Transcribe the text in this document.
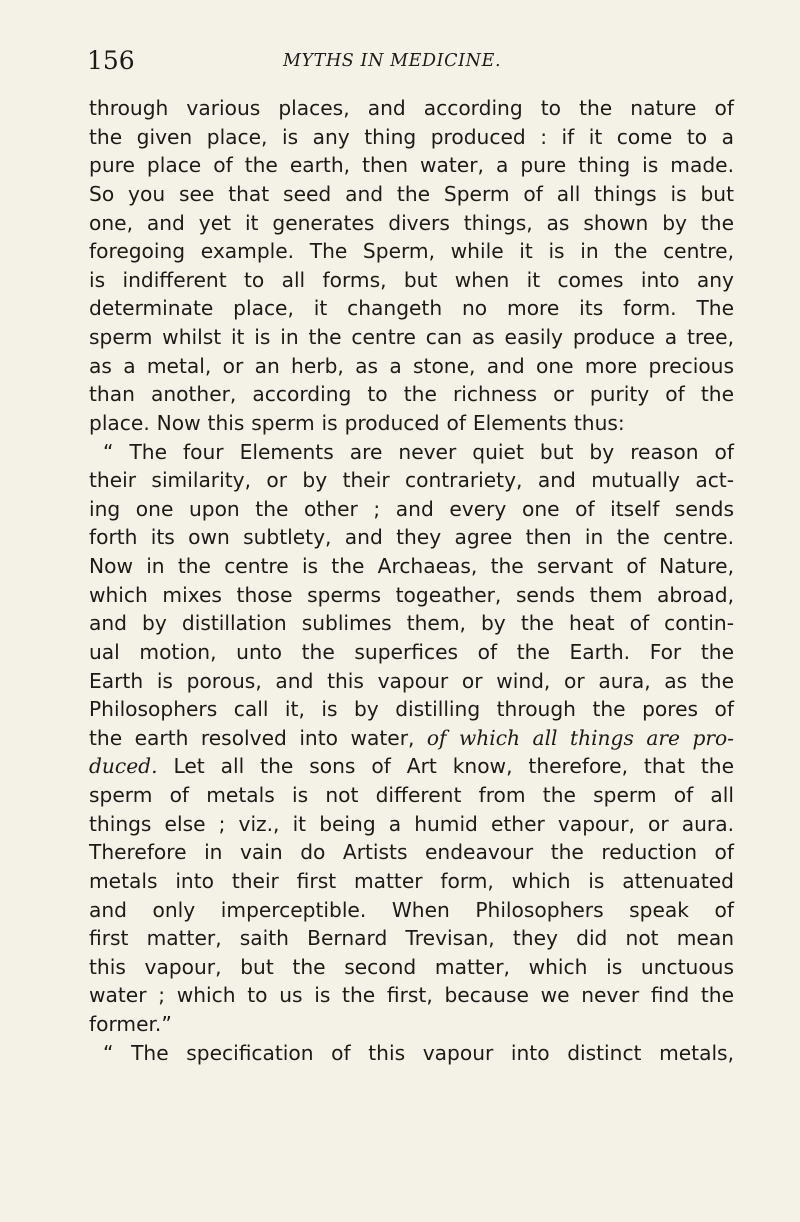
156	MYTHS IN MEDICINE.
through various places, and according to the nature of
the given place, is any thing produced : if it come to a
pure place of the earth, then water, a pure thing is made.
So you see that seed and the Sperm of all things is but
one, and yet it generates divers things, as shown by the
foregoing example. The Sperm, while it is in the centre,
is indifferent to all forms, but when it comes into any
determinate place, it changeth no more its form. The
sperm whilst it is in the centre can as easily produce a tree,
as a metal, or an herb, as a stone, and one more precious
than another, according to the richness or purity of the
place. Now this sperm is produced of Elements thus:
“ The four Elements are never quiet but by reason of
their similarity, or by their contrariety, and mutually act-
ing one upon the other ; and every one of itself sends
forth its own subtlety, and they agree then in the centre.
Now in the centre is the Archaeas, the servant of Nature,
which mixes those sperms togeather, sends them abroad,
and by distillation sublimes them, by the heat of contin-
ual motion, unto the superfices of the Earth. For the
Earth is porous, and this vapour or wind, or aura, as the
Philosophers call it, is by distilling through the pores of
the earth resolved into water, of which all things are pro-
duced. Let all the sons of Art know, therefore, that the
sperm of metals is not different from the sperm of all
things else ; viz., it being a humid ether vapour, or aura.
Therefore in vain do Artists endeavour the reduction of
metals into their first matter form, which is attenuated
and only imperceptible. When Philosophers speak of
first matter, saith Bernard Trevisan, they did not mean
this vapour, but the second matter, which is unctuous
water ; which to us is the first, because we never find the
former.”
“ The specification of this vapour into distinct metals,
